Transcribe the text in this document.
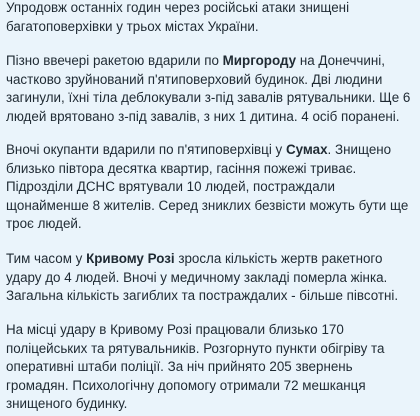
Упродовж останніх годин через російські атаки знищені
багатоповерхівки у трьох містах України.

Пізно ввечері ракетою вдарили по Миргороду на Донеччині,
частково зруйнований п'ятиповерховий будинок. Дві людини
загинули, їхні тіла деблокували з-під завалів рятувальники. Ще 6
людей врятовано з-під завалів, з них 1 дитина. 4 осіб поранені.

Вночі окупанти вдарили по п'ятиповерхівці у Сумах. Знищено
близько півтора десятка квартир, гасіння пожежі триває.
Підрозділи ДСНС врятували 10 людей, постраждали
щонайменше 8 жителів. Серед зниклих безвісти можуть бути ще
троє людей.

Тим часом у Кривому Розі зросла кількість жертв ракетного
удару до 4 людей. Вночі у медичному закладі померла жінка.
Загальна кількість загиблих та постраждалих - більше півсотні.

На місці удару в Кривому Розі працювали близько 170
поліцейських та рятувальників. Розгорнуто пункти обігріву та
оперативні штаби поліції. За ніч прийнято 205 звернень
громадян. Психологічну допомогу отримали 72 мешканця
знищеного будинку.
